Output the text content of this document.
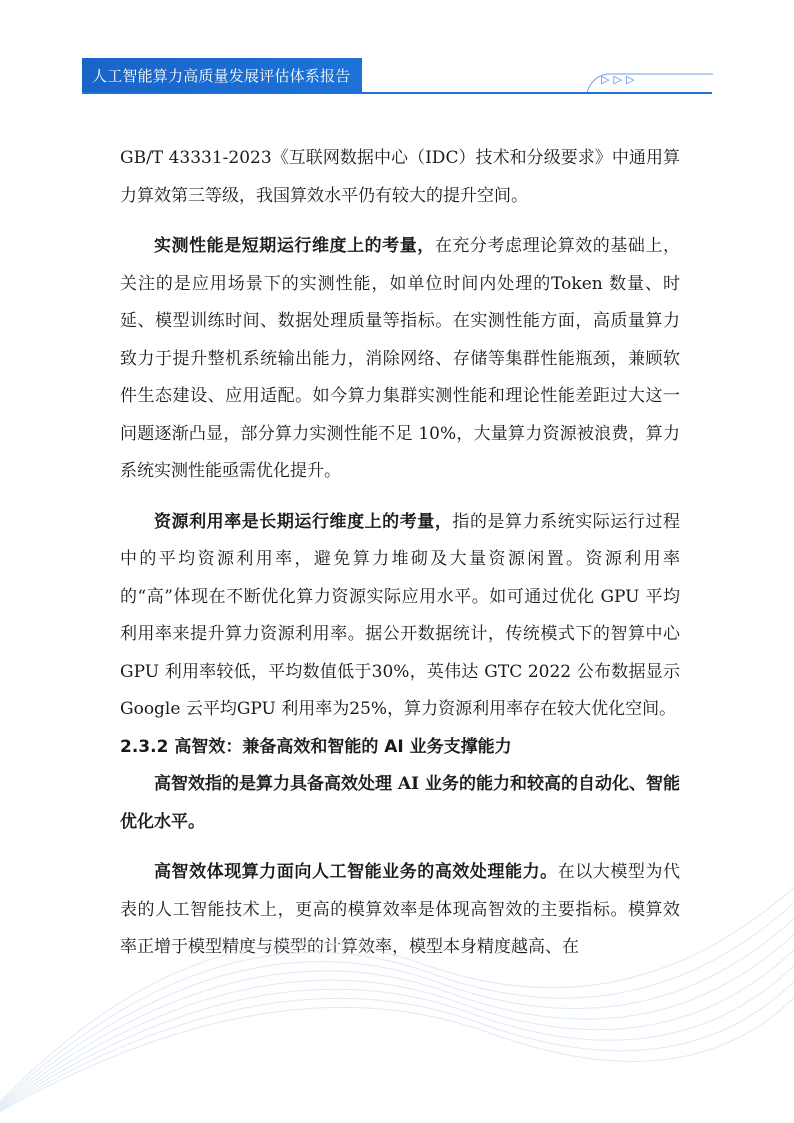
人工智能算力高质量发展评估体系报告	▷▷▷

GB/T 43331-2023《互联网数据中心（IDC）技术和分级要求》中通用算力算效第三等级，我国算效水平仍有较大的提升空间。

实测性能是短期运行维度上的考量，在充分考虑理论算效的基础上，关注的是应用场景下的实测性能，如单位时间内处理的Token 数量、时延、模型训练时间、数据处理质量等指标。在实测性能方面，高质量算力致力于提升整机系统输出能力，消除网络、存储等集群性能瓶颈，兼顾软件生态建设、应用适配。如今算力集群实测性能和理论性能差距过大这一问题逐渐凸显，部分算力实测性能不足 10%，大量算力资源被浪费，算力系统实测性能亟需优化提升。

资源利用率是长期运行维度上的考量，指的是算力系统实际运行过程中的平均资源利用率，避免算力堆砌及大量资源闲置。资源利用率的“高”体现在不断优化算力资源实际应用水平。如可通过优化 GPU 平均利用率来提升算力资源利用率。据公开数据统计，传统模式下的智算中心 GPU 利用率较低，平均数值低于30%，英伟达 GTC 2022 公布数据显示 Google 云平均GPU 利用率为25%，算力资源利用率存在较大优化空间。

2.3.2 高智效：兼备高效和智能的 AI 业务支撑能力

高智效指的是算力具备高效处理 AI 业务的能力和较高的自动化、智能优化水平。

高智效体现算力面向人工智能业务的高效处理能力。在以大模型为代表的人工智能技术上，更高的模算效率是体现高智效的主要指标。模算效率正增于模型精度与模型的计算效率，模型本身精度越高、在
